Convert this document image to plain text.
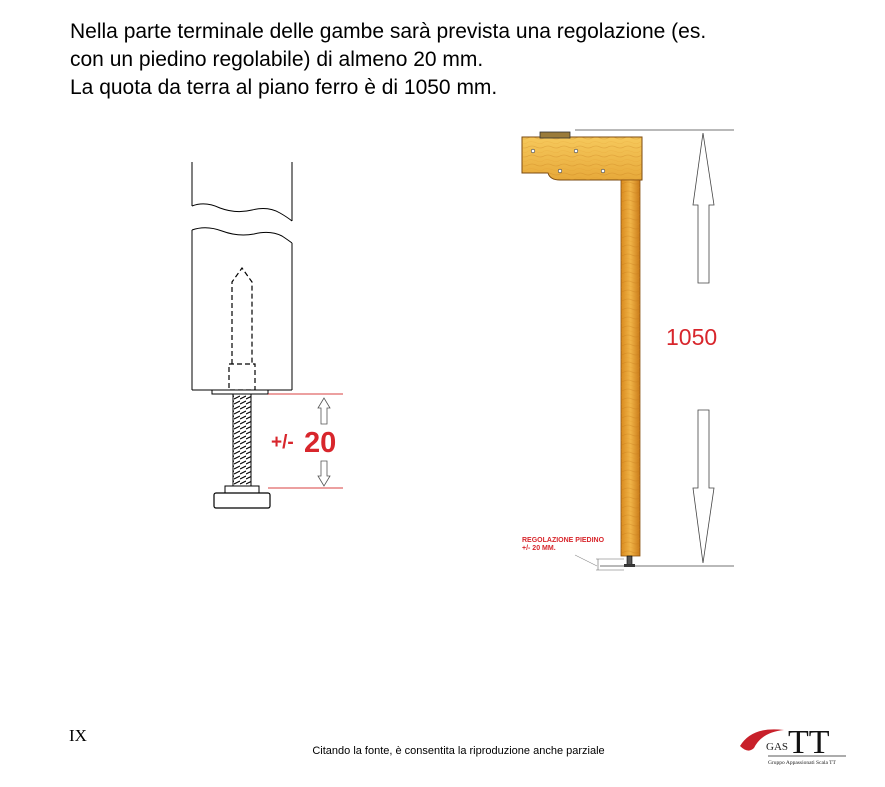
Nella parte terminale delle gambe sarà prevista una regolazione (es.

con un piedino regolabile) di almeno 20 mm.

La quota da terra al piano ferro è di 1050 mm.

+/- 20
1050
REGOLAZIONE PIEDINO
+/- 20 MM.
IX
Citando la fonte, è consentita la riproduzione anche parziale	GAS TT
Gruppo Appassionati Scala TT
